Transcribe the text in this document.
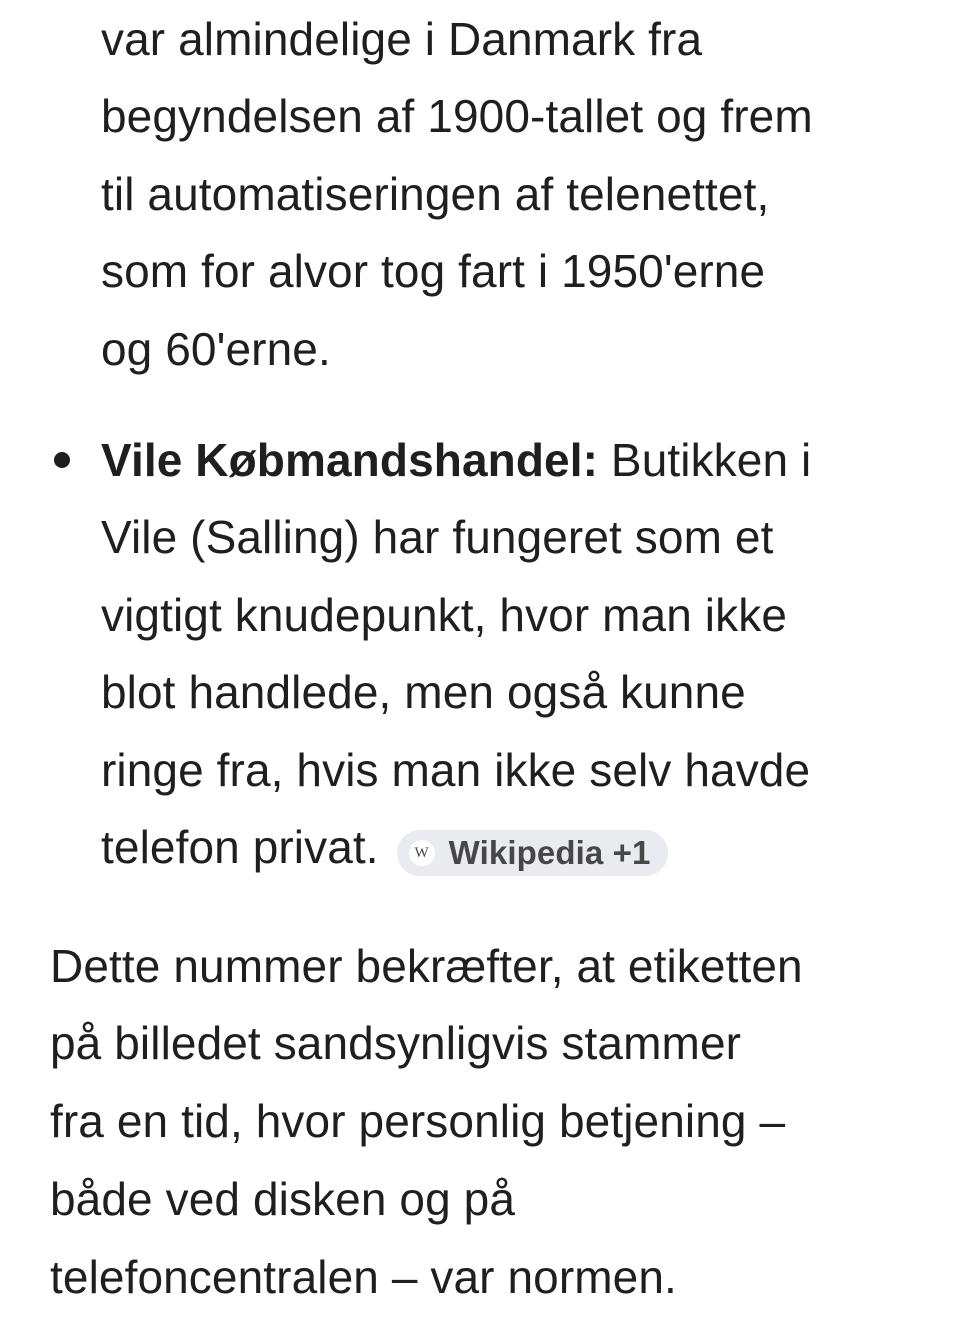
var almindelige i Danmark fra
begyndelsen af 1900-tallet og frem
til automatiseringen af telenettet,
som for alvor tog fart i 1950'erne
og 60'erne.
Vile Købmandshandel: Butikken i
Vile (Salling) har fungeret som et
vigtigt knudepunkt, hvor man ikke
blot handlede, men også kunne
ringe fra, hvis man ikke selv havde
telefon privat.	W Wikipedia +1
Dette nummer bekræfter, at etiketten
på billedet sandsynligvis stammer
fra en tid, hvor personlig betjening –
både ved disken og på
telefoncentralen – var normen.
